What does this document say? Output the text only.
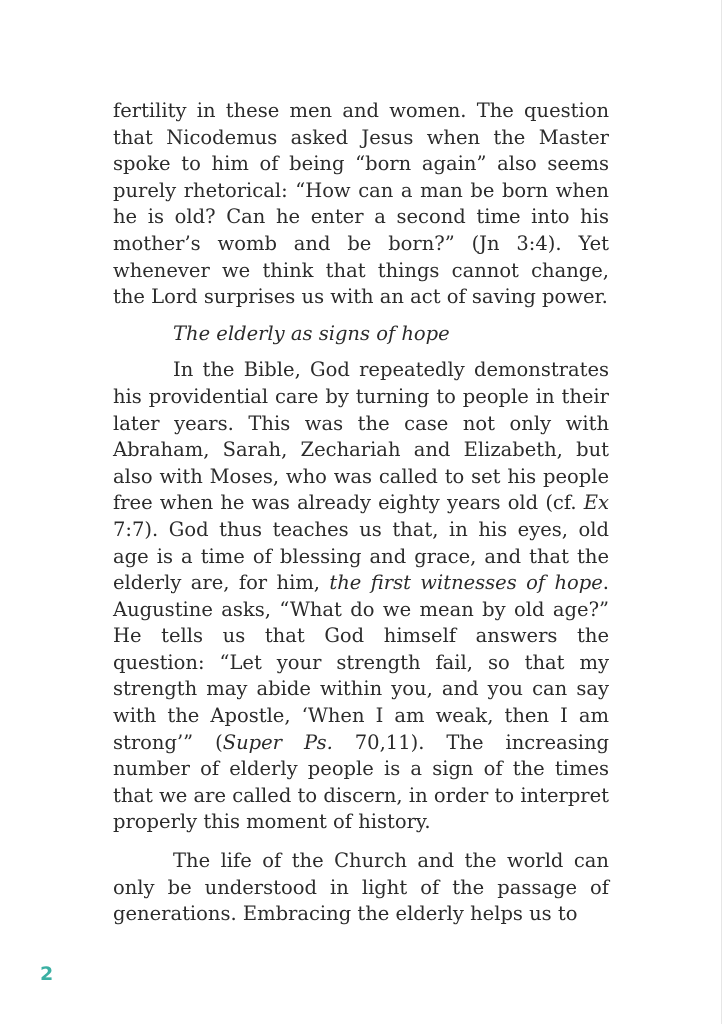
fertility in these men and women. The question that Nicodemus asked Jesus when the Master spoke to him of being “born again” also seems purely rhetorical: “How can a man be born when he is old? Can he enter a second time into his mother’s womb and be born?” (Jn 3:4). Yet whenever we think that things cannot change, the Lord surprises us with an act of saving power.

The elderly as signs of hope

In the Bible, God repeatedly demonstrates his providential care by turning to people in their later years. This was the case not only with Abraham, Sarah, Zechariah and Elizabeth, but also with Moses, who was called to set his people free when he was already eighty years old (cf. Ex 7:7). God thus teaches us that, in his eyes, old age is a time of blessing and grace, and that the elderly are, for him, the first witnesses of hope. Augustine asks, “What do we mean by old age?” He tells us that God himself answers the question: “Let your strength fail, so that my strength may abide within you, and you can say with the Apostle, ‘When I am weak, then I am strong’” (Super Ps. 70,11). The increasing number of elderly people is a sign of the times that we are called to discern, in order to interpret properly this moment of history.

The life of the Church and the world can only be understood in light of the passage of generations. Embracing the elderly helps us to

2
